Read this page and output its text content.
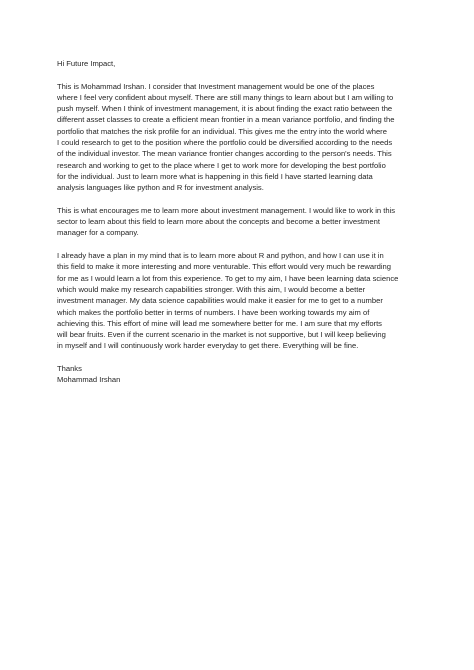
Hi Future Impact,

This is Mohammad Irshan. I consider that Investment management would be one of the places
where I feel very confident about myself. There are still many things to learn about but I am willing to
push myself. When I think of investment management, it is about finding the exact ratio between the
different asset classes to create a efficient mean frontier in a mean variance portfolio, and finding the
portfolio that matches the risk profile for an individual. This gives me the entry into the world where
I could research to get to the position where the portfolio could be diversified according to the needs
of the individual investor. The mean variance frontier changes according to the person's needs. This
research and working to get to the place where I get to work more for developing the best portfolio
for the individual. Just to learn more what is happening in this field I have started learning data
analysis languages like python and R for investment analysis.

This is what encourages me to learn more about investment management. I would like to work in this
sector to learn about this field to learn more about the concepts and become a better investment
manager for a company.

I already have a plan in my mind that is to learn more about R and python, and how I can use it in
this field to make it more interesting and more venturable. This effort would very much be rewarding
for me as I would learn a lot from this experience. To get to my aim, I have been learning data science
which would make my research capabilities stronger. With this aim, I would become a better
investment manager. My data science capabilities would make it easier for me to get to a number
which makes the portfolio better in terms of numbers. I have been working towards my aim of
achieving this. This effort of mine will lead me somewhere better for me. I am sure that my efforts
will bear fruits. Even if the current scenario in the market is not supportive, but I will keep believing
in myself and I will continuously work harder everyday to get there. Everything will be fine.

Thanks

Mohammad Irshan
